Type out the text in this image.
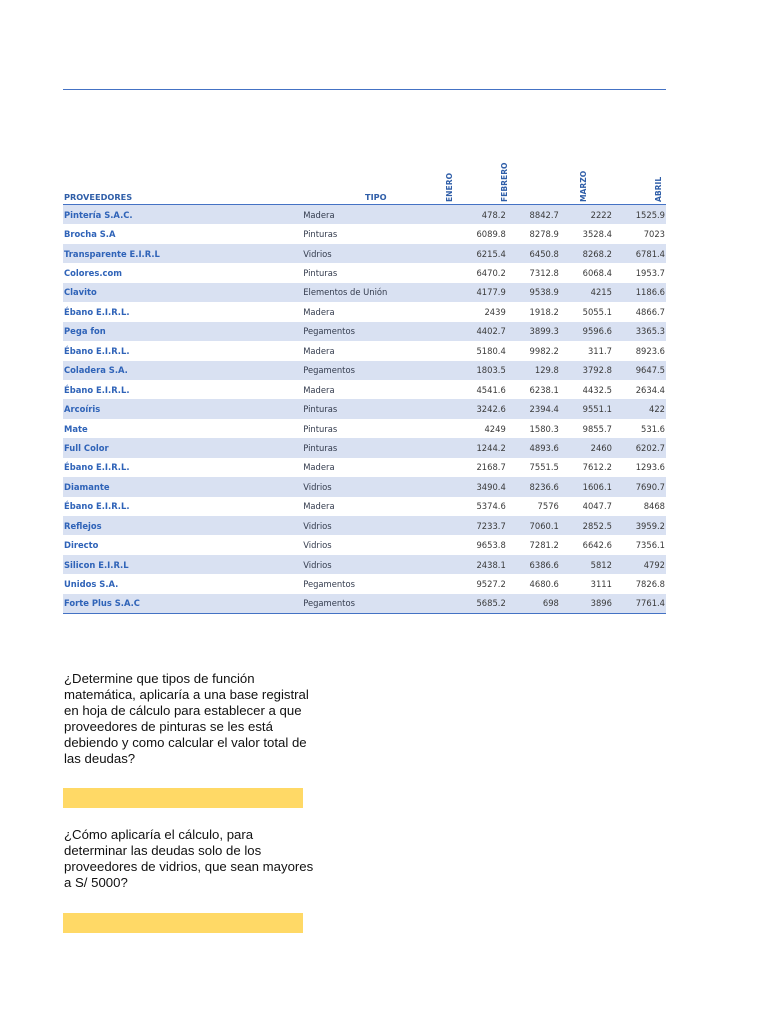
PROVEEDORES	TIPO	ENERO	FEBRERO	MARZO	ABRIL
Pintería S.A.C.	Madera	478.2	8842.7	2222	1525.9
Brocha S.A	Pinturas	6089.8	8278.9	3528.4	7023
Transparente E.I.R.L	Vidrios	6215.4	6450.8	8268.2	6781.4
Colores.com	Pinturas	6470.2	7312.8	6068.4	1953.7
Clavito	Elementos de Unión	4177.9	9538.9	4215	1186.6
Ébano E.I.R.L.	Madera	2439	1918.2	5055.1	4866.7
Pega fon	Pegamentos	4402.7	3899.3	9596.6	3365.3
Ébano E.I.R.L.	Madera	5180.4	9982.2	311.7	8923.6
Coladera S.A.	Pegamentos	1803.5	129.8	3792.8	9647.5
Ébano E.I.R.L.	Madera	4541.6	6238.1	4432.5	2634.4
Arcoíris	Pinturas	3242.6	2394.4	9551.1	422
Mate	Pinturas	4249	1580.3	9855.7	531.6
Full Color	Pinturas	1244.2	4893.6	2460	6202.7
Ébano E.I.R.L.	Madera	2168.7	7551.5	7612.2	1293.6
Diamante	Vidrios	3490.4	8236.6	1606.1	7690.7
Ébano E.I.R.L.	Madera	5374.6	7576	4047.7	8468
Reflejos	Vidrios	7233.7	7060.1	2852.5	3959.2
Directo	Vidrios	9653.8	7281.2	6642.6	7356.1
Silicon E.I.R.L	Vidrios	2438.1	6386.6	5812	4792
Unidos S.A.	Pegamentos	9527.2	4680.6	3111	7826.8
Forte Plus S.A.C	Pegamentos	5685.2	698	3896	7761.4
¿Determine que tipos de función matemática, aplicaría a una base registral en hoja de cálculo para establecer a que proveedores de pinturas se les está debiendo y como calcular el valor total de las deudas?
¿Cómo aplicaría el cálculo, para determinar las deudas solo de los proveedores de vidrios, que sean mayores a S/ 5000?
